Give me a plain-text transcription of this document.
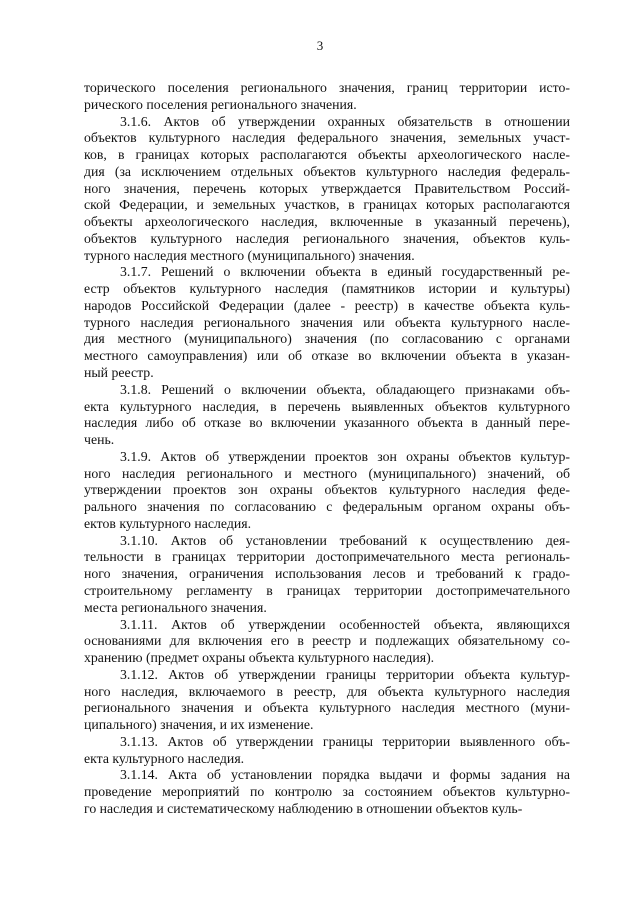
3
торического поселения регионального значения, границ территории исто-
рического поселения регионального значения.
3.1.6. Актов об утверждении охранных обязательств в отношении
объектов культурного наследия федерального значения, земельных участ-
ков, в границах которых располагаются объекты археологического насле-
дия (за исключением отдельных объектов культурного наследия федераль-
ного значения, перечень которых утверждается Правительством Россий-
ской Федерации, и земельных участков, в границах которых располагаются
объекты археологического наследия, включенные в указанный перечень),
объектов культурного наследия регионального значения, объектов куль-
турного наследия местного (муниципального) значения.
3.1.7. Решений о включении объекта в единый государственный ре-
естр объектов культурного наследия (памятников истории и культуры)
народов Российской Федерации (далее - реестр) в качестве объекта куль-
турного наследия регионального значения или объекта культурного насле-
дия местного (муниципального) значения (по согласованию с органами
местного самоуправления) или об отказе во включении объекта в указан-
ный реестр.
3.1.8. Решений о включении объекта, обладающего признаками объ-
екта культурного наследия, в перечень выявленных объектов культурного
наследия либо об отказе во включении указанного объекта в данный пере-
чень.
3.1.9. Актов об утверждении проектов зон охраны объектов культур-
ного наследия регионального и местного (муниципального) значений, об
утверждении проектов зон охраны объектов культурного наследия феде-
рального значения по согласованию с федеральным органом охраны объ-
ектов культурного наследия.
3.1.10. Актов об установлении требований к осуществлению дея-
тельности в границах территории достопримечательного места региональ-
ного значения, ограничения использования лесов и требований к градо-
строительному регламенту в границах территории достопримечательного
места регионального значения.
3.1.11. Актов об утверждении особенностей объекта, являющихся
основаниями для включения его в реестр и подлежащих обязательному со-
хранению (предмет охраны объекта культурного наследия).
3.1.12. Актов об утверждении границы территории объекта культур-
ного наследия, включаемого в реестр, для объекта культурного наследия
регионального значения и объекта культурного наследия местного (муни-
ципального) значения, и их изменение.
3.1.13. Актов об утверждении границы территории выявленного объ-
екта культурного наследия.
3.1.14. Акта об установлении порядка выдачи и формы задания на
проведение мероприятий по контролю за состоянием объектов культурно-
го наследия и систематическому наблюдению в отношении объектов куль-
